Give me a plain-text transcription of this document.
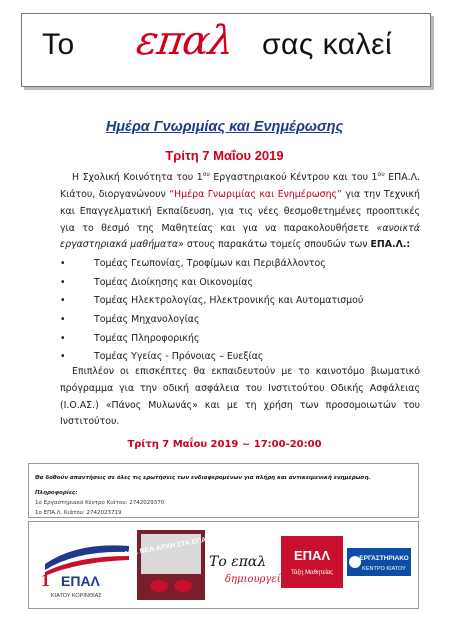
Το επαλ σας καλεί
Ημέρα Γνωριμίας και Ενημέρωσης
Τρίτη 7 Μαΐου 2019
Η Σχολική Κοινότητα του $1^{o\upsilon}$ Εργαστηριακού Κέντρου και του $1^{o\upsilon}$ ΕΠΑ.Λ. Κιάτου, διοργανώνουν “Ημέρα Γνωριμίας και Ενημέρωσης” για την Τεχνική και Επαγγελματική Εκπαίδευση, για τις νέες θεσμοθετημένες προοπτικές για το θεσμό της Μαθητείας και για να παρακολουθήσετε «ανοικτά εργαστηριακά μαθήματα» στους παρακάτω τομείς σπουδών των ΕΠΑ.Λ.:
•	Τομέας Γεωπονίας, Τροφίμων και Περιβάλλοντος
•	Τομέας Διοίκησης και Οικονομίας
•	Τομέας Ηλεκτρολογίας, Ηλεκτρονικής και Αυτοματισμού
•	Τομέας Μηχανολογίας
•	Τομέας Πληροφορικής
•	Τομέας Υγείας - Πρόνοιας – Ευεξίας
Επιπλέον οι επισκέπτες θα εκπαιδευτούν με το καινοτόμο βιωματικό πρόγραμμα για την οδική ασφάλεια του Ινστιτούτου Οδικής Ασφάλειας (Ι.Ο.ΑΣ.) «Πάνος Μυλωνάς» και με τη χρήση των προσομοιωτών του Ινστιτούτου.
Τρίτη 7 Μαΐου 2019 ~ 17:00-20:00
Θα δοθούν απαντήσεις σε όλες τις ερωτήσεις των ενδιαφερομένων για πλήρη και αντικειμενική ενημέρωση.
Πληροφορίες:
1ο Εργαστηριακό Κέντρο Κιάτου: 2742029370
1ο ΕΠΑ.Λ. Κιάτου: 2742023719
ΕΠΑΛ
1
ΚΙΑΤΟΥ ΚΟΡΙΝΘΙΑΣ
ΜΙΑ ΝΕΑ ΑΡΧΗ ΣΤΑ ΕΠΑ.Λ.
Το επαλ
δημιουργεί
ΕΠΑΛ
Τάξη Μαθητείας
ΕΡΓΑΣΤΗΡΙΑΚΟ
ΚΕΝΤΡΟ ΚΙΑΤΟΥ
